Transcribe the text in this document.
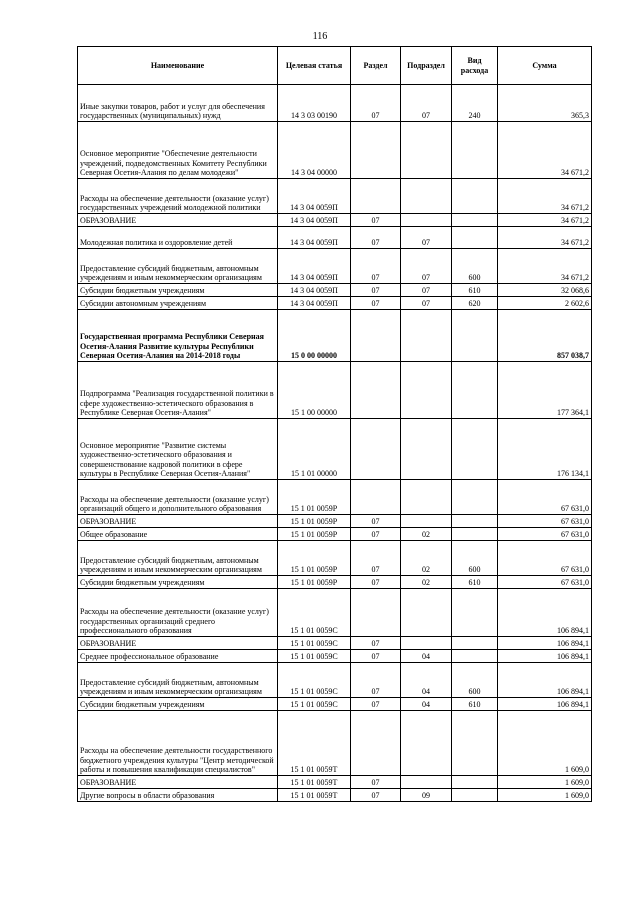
116
Наименование	Целевая статья	Раздел	Подраздел	Вид расхода	Сумма
Иные закупки товаров, работ и услуг для обеспечения государственных (муниципальных) нужд	14 3 03 00190	07	07	240	365,3
Основное мероприятие "Обеспечение деятельности учреждений, подведомственных Комитету Республики Северная Осетия-Алания по делам молодежи"	14 3 04 00000				34 671,2
Расходы на обеспечение деятельности (оказание услуг) государственных учреждений молодежной политики	14 3 04 0059П				34 671,2
ОБРАЗОВАНИЕ	14 3 04 0059П	07			34 671,2
Молодежная политика и оздоровление детей	14 3 04 0059П	07	07		34 671,2
Предоставление субсидий бюджетным, автономным учреждениям и иным некоммерческим организациям	14 3 04 0059П	07	07	600	34 671,2
Субсидии бюджетным учреждениям	14 3 04 0059П	07	07	610	32 068,6
Субсидии автономным учреждениям	14 3 04 0059П	07	07	620	2 602,6
Государственная программа Республики Северная Осетия-Алания Развитие культуры Республики Северная Осетия-Алания на 2014-2018 годы	15 0 00 00000				857 038,7
Подпрограмма "Реализация государственной политики в сфере художественно-эстетического образования в Республике Северная Осетия-Алания"	15 1 00 00000				177 364,1
Основное мероприятие "Развитие системы художественно-эстетического образования и совершенствование кадровой политики в сфере культуры в Республике Северная Осетия-Алания"	15 1 01 00000				176 134,1
Расходы на обеспечение деятельности (оказание услуг) организаций общего и дополнительного образования	15 1 01 0059Р				67 631,0
ОБРАЗОВАНИЕ	15 1 01 0059Р	07			67 631,0
Общее образование	15 1 01 0059Р	07	02		67 631,0
Предоставление субсидий бюджетным, автономным учреждениям и иным некоммерческим организациям	15 1 01 0059Р	07	02	600	67 631,0
Субсидии бюджетным учреждениям	15 1 01 0059Р	07	02	610	67 631,0
Расходы на обеспечение деятельности (оказание услуг) государственных организаций среднего профессионального образования	15 1 01 0059С				106 894,1
ОБРАЗОВАНИЕ	15 1 01 0059С	07			106 894,1
Среднее профессиональное образование	15 1 01 0059С	07	04		106 894,1
Предоставление субсидий бюджетным, автономным учреждениям и иным некоммерческим организациям	15 1 01 0059С	07	04	600	106 894,1
Субсидии бюджетным учреждениям	15 1 01 0059С	07	04	610	106 894,1
Расходы на обеспечение деятельности государственного бюджетного учреждения культуры "Центр методической работы и повышения квалификации специалистов"	15 1 01 0059Т				1 609,0
ОБРАЗОВАНИЕ	15 1 01 0059Т	07			1 609,0
Другие вопросы в области образования	15 1 01 0059Т	07	09		1 609,0
